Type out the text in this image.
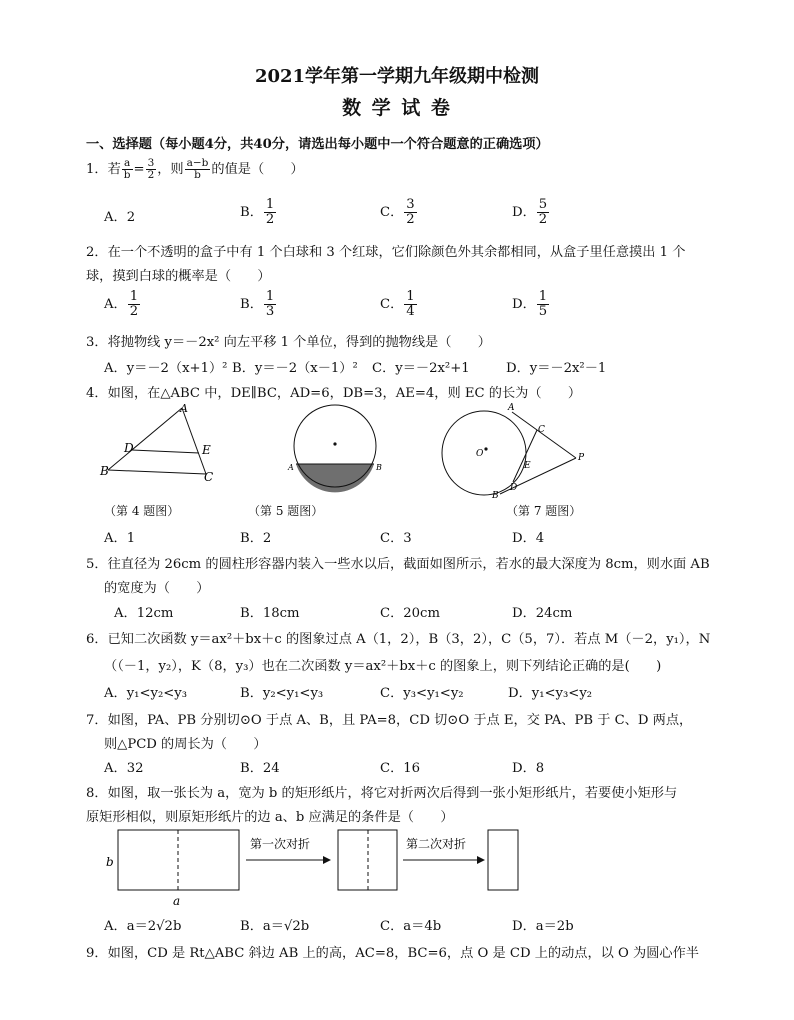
2021学年第一学期九年级期中检测
数 学 试 卷
一、选择题（每小题4分，共40分，请选出每小题中一个符合题意的正确选项）
1．若 $\frac{a}{b} = \frac{3}{2}$ ，则 $\frac{a-b}{b}$ 的值是（　　）
A．2	B． $\frac{1}{2}$	C． $\frac{3}{2}$	D． $\frac{5}{2}$
2．在一个不透明的盒子中有 1 个白球和 3 个红球，它们除颜色外其余都相同，从盒子里任意摸出 1 个
球，摸到白球的概率是（　　）
A． $\frac{1}{2}$	B． $\frac{1}{3}$	C． $\frac{1}{4}$	D． $\frac{1}{5}$
3．将抛物线 y＝－2x² 向左平移 1 个单位，得到的抛物线是（　　）
A．y＝－2（x+1）² B．y＝－2（x－1）² C．y＝－2x²+1	D．y＝－2x²－1
4．如图，在△ABC 中，DE∥BC，AD=6，DB=3，AE=4，则 EC 的长为（　　）
A
D	E
B	C
（第 4 题图）
A	B
（第 5 题图）
A
C
O
E
P
D
B
（第 7 题图）
A．1	B．2	C．3	D．4
5．往直径为 26cm 的圆柱形容器内装入一些水以后，截面如图所示，若水的最大深度为 8cm，则水面 AB
的宽度为（　　）
A．12cm	B．18cm	C．20cm	D．24cm
6．已知二次函数 y＝ax²＋bx＋c 的图象过点 A（1，2），B（3，2），C（5，7）．若点 M（－2，y₁），N
（（－1，y₂），K（8，y₃）也在二次函数 y＝ax²＋bx＋c 的图象上，则下列结论正确的是(　　)
A．y₁<y₂<y₃	B．y₂<y₁<y₃	C．y₃<y₁<y₂	D．y₁<y₃<y₂
7．如图，PA、PB 分别切⊙O 于点 A、B，且 PA=8，CD 切⊙O 于点 E，交 PA、PB 于 C、D 两点，
则△PCD 的周长为（　　）
A．32	B．24	C．16	D．8
8．如图，取一张长为 a，宽为 b 的矩形纸片，将它对折两次后得到一张小矩形纸片，若要使小矩形与
原矩形相似，则原矩形纸片的边 a、b 应满足的条件是（　　）
b
a
第一次对折	第二次对折
A．a＝2√2b	B．a＝√2b	C．a＝4b	D．a＝2b
9．如图，CD 是 Rt△ABC 斜边 AB 上的高，AC=8，BC=6，点 O 是 CD 上的动点，以 O 为圆心作半
